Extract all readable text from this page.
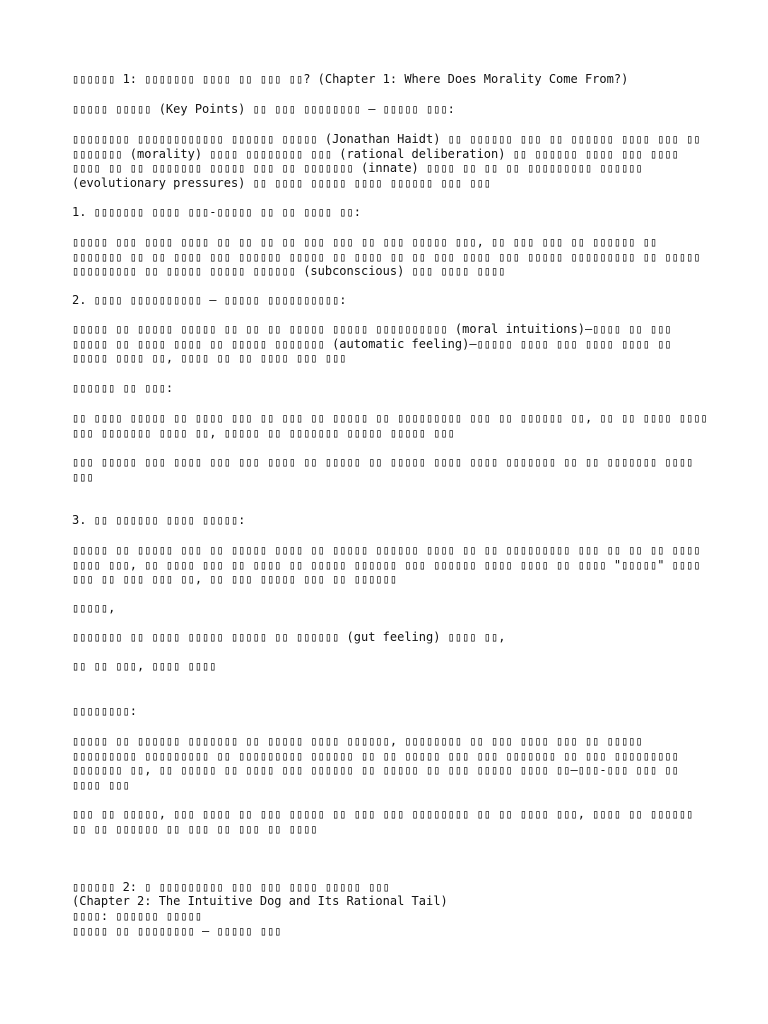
▯▯▯▯▯▯ 1: ▯▯▯▯▯▯▯ ▯▯▯▯ ▯▯ ▯▯▯ ▯▯? (Chapter 1: Where Does Morality Come From?)
▯▯▯▯▯ ▯▯▯▯▯ (Key Points) ▯▯ ▯▯▯ ▯▯▯▯▯▯▯▯ – ▯▯▯▯▯ ▯▯▯:
▯▯▯▯▯▯▯▯ ▯▯▯▯▯▯▯▯▯▯▯▯ ▯▯▯▯▯▯ ▯▯▯▯▯ (Jonathan Haidt) ▯▯ ▯▯▯▯▯▯ ▯▯▯ ▯▯ ▯▯▯▯▯▯ ▯▯▯▯ ▯▯▯ ▯▯ ▯▯▯▯▯▯▯ (morality) ▯▯▯▯ ▯▯▯▯▯▯▯▯ ▯▯▯ (rational deliberation) ▯▯ ▯▯▯▯▯▯ ▯▯▯▯ ▯▯▯ ▯▯▯▯ ▯▯▯▯ ▯▯ ▯▯ ▯▯▯▯▯▯▯ ▯▯▯▯▯ ▯▯▯ ▯▯ ▯▯▯▯▯▯▯ (innate) ▯▯▯▯ ▯▯ ▯▯ ▯▯ ▯▯▯▯▯▯▯▯▯ ▯▯▯▯▯▯ (evolutionary pressures) ▯▯ ▯▯▯▯ ▯▯▯▯▯ ▯▯▯▯ ▯▯▯▯▯▯ ▯▯▯ ▯▯▯
1. ▯▯▯▯▯▯▯ ▯▯▯▯ ▯▯▯-▯▯▯▯▯ ▯▯ ▯▯ ▯▯▯▯ ▯▯:
▯▯▯▯▯ ▯▯▯ ▯▯▯▯ ▯▯▯▯ ▯▯ ▯▯ ▯▯ ▯▯ ▯▯▯ ▯▯▯ ▯▯ ▯▯▯ ▯▯▯▯▯ ▯▯▯, ▯▯ ▯▯▯ ▯▯▯ ▯▯ ▯▯▯▯▯▯ ▯▯ ▯▯▯▯▯▯▯ ▯▯ ▯▯ ▯▯▯▯ ▯▯▯ ▯▯▯▯▯▯ ▯▯▯▯▯ ▯▯ ▯▯▯▯ ▯▯ ▯▯ ▯▯▯ ▯▯▯▯ ▯▯▯ ▯▯▯▯▯ ▯▯▯▯▯▯▯▯▯ ▯▯ ▯▯▯▯▯ ▯▯▯▯▯▯▯▯▯ ▯▯ ▯▯▯▯▯ ▯▯▯▯▯ ▯▯▯▯▯▯ (subconscious) ▯▯▯ ▯▯▯▯ ▯▯▯▯
2. ▯▯▯▯ ▯▯▯▯▯▯▯▯▯▯ – ▯▯▯▯▯ ▯▯▯▯▯▯▯▯▯▯:
▯▯▯▯▯ ▯▯ ▯▯▯▯▯ ▯▯▯▯▯ ▯▯ ▯▯ ▯▯ ▯▯▯▯▯ ▯▯▯▯▯ ▯▯▯▯▯▯▯▯▯▯ (moral intuitions)—▯▯▯▯ ▯▯ ▯▯▯ ▯▯▯▯▯ ▯▯ ▯▯▯▯ ▯▯▯▯ ▯▯ ▯▯▯▯▯ ▯▯▯▯▯▯▯ (automatic feeling)—▯▯▯▯▯ ▯▯▯▯ ▯▯▯ ▯▯▯▯ ▯▯▯▯ ▯▯ ▯▯▯▯▯ ▯▯▯▯ ▯▯, ▯▯▯▯ ▯▯ ▯▯ ▯▯▯▯ ▯▯▯ ▯▯▯
▯▯▯▯▯▯ ▯▯ ▯▯▯:
▯▯ ▯▯▯▯ ▯▯▯▯▯ ▯▯ ▯▯▯▯ ▯▯▯ ▯▯ ▯▯▯ ▯▯ ▯▯▯▯▯ ▯▯ ▯▯▯▯▯▯▯▯▯ ▯▯▯ ▯▯ ▯▯▯▯▯▯ ▯▯, ▯▯ ▯▯ ▯▯▯▯ ▯▯▯▯ ▯▯▯ ▯▯▯▯▯▯▯ ▯▯▯▯ ▯▯, ▯▯▯▯▯ ▯▯ ▯▯▯▯▯▯▯ ▯▯▯▯▯ ▯▯▯▯▯ ▯▯▯
▯▯▯ ▯▯▯▯▯ ▯▯▯ ▯▯▯▯ ▯▯▯ ▯▯▯ ▯▯▯▯ ▯▯ ▯▯▯▯▯ ▯▯ ▯▯▯▯▯ ▯▯▯▯ ▯▯▯▯ ▯▯▯▯▯▯▯ ▯▯ ▯▯ ▯▯▯▯▯▯▯ ▯▯▯▯ ▯▯▯
3. ▯▯ ▯▯▯▯▯▯ ▯▯▯▯ ▯▯▯▯▯:
▯▯▯▯▯ ▯▯ ▯▯▯▯▯ ▯▯▯ ▯▯ ▯▯▯▯▯ ▯▯▯▯ ▯▯ ▯▯▯▯▯ ▯▯▯▯▯▯ ▯▯▯▯ ▯▯ ▯▯ ▯▯▯▯▯▯▯▯▯ ▯▯▯ ▯▯ ▯▯ ▯▯ ▯▯▯▯ ▯▯▯▯ ▯▯▯, ▯▯ ▯▯▯▯ ▯▯▯ ▯▯ ▯▯▯▯ ▯▯ ▯▯▯▯▯ ▯▯▯▯▯▯ ▯▯▯ ▯▯▯▯▯▯ ▯▯▯▯ ▯▯▯▯ ▯▯ ▯▯▯▯ "▯▯▯▯▯" ▯▯▯▯ ▯▯▯ ▯▯ ▯▯▯ ▯▯▯ ▯▯, ▯▯ ▯▯▯ ▯▯▯▯▯ ▯▯▯ ▯▯ ▯▯▯▯▯▯
▯▯▯▯▯,
▯▯▯▯▯▯▯ ▯▯ ▯▯▯▯ ▯▯▯▯▯ ▯▯▯▯▯ ▯▯ ▯▯▯▯▯▯ (gut feeling) ▯▯▯▯ ▯▯,
▯▯ ▯▯ ▯▯▯, ▯▯▯▯ ▯▯▯▯
▯▯▯▯▯▯▯▯:
▯▯▯▯▯ ▯▯ ▯▯▯▯▯▯ ▯▯▯▯▯▯▯ ▯▯ ▯▯▯▯▯ ▯▯▯▯ ▯▯▯▯▯▯, ▯▯▯▯▯▯▯▯ ▯▯ ▯▯▯ ▯▯▯▯ ▯▯▯ ▯▯ ▯▯▯▯▯ ▯▯▯▯▯▯▯▯▯ ▯▯▯▯▯▯▯▯▯ ▯▯ ▯▯▯▯▯▯▯▯▯ ▯▯▯▯▯▯ ▯▯ ▯▯ ▯▯▯▯▯ ▯▯▯ ▯▯▯ ▯▯▯▯▯▯▯ ▯▯ ▯▯▯ ▯▯▯▯▯▯▯▯▯ ▯▯▯▯▯▯▯ ▯▯, ▯▯ ▯▯▯▯▯ ▯▯ ▯▯▯▯ ▯▯▯ ▯▯▯▯▯▯ ▯▯ ▯▯▯▯▯ ▯▯ ▯▯▯ ▯▯▯▯▯ ▯▯▯▯ ▯▯—▯▯▯-▯▯▯ ▯▯▯ ▯▯ ▯▯▯▯ ▯▯▯
▯▯▯ ▯▯ ▯▯▯▯▯, ▯▯▯ ▯▯▯▯ ▯▯ ▯▯▯ ▯▯▯▯▯ ▯▯ ▯▯▯ ▯▯▯ ▯▯▯▯▯▯▯▯ ▯▯ ▯▯ ▯▯▯▯ ▯▯▯, ▯▯▯▯ ▯▯ ▯▯▯▯▯▯ ▯▯ ▯▯ ▯▯▯▯▯▯ ▯▯ ▯▯▯ ▯▯ ▯▯▯ ▯▯ ▯▯▯▯
▯▯▯▯▯▯ 2: ▯ ▯▯▯▯▯▯▯▯▯ ▯▯▯ ▯▯▯ ▯▯▯▯ ▯▯▯▯▯ ▯▯▯
(Chapter 2: The Intuitive Dog and Its Rational Tail)
▯▯▯▯: ▯▯▯▯▯▯ ▯▯▯▯▯
▯▯▯▯▯ ▯▯ ▯▯▯▯▯▯▯▯ – ▯▯▯▯▯ ▯▯▯
